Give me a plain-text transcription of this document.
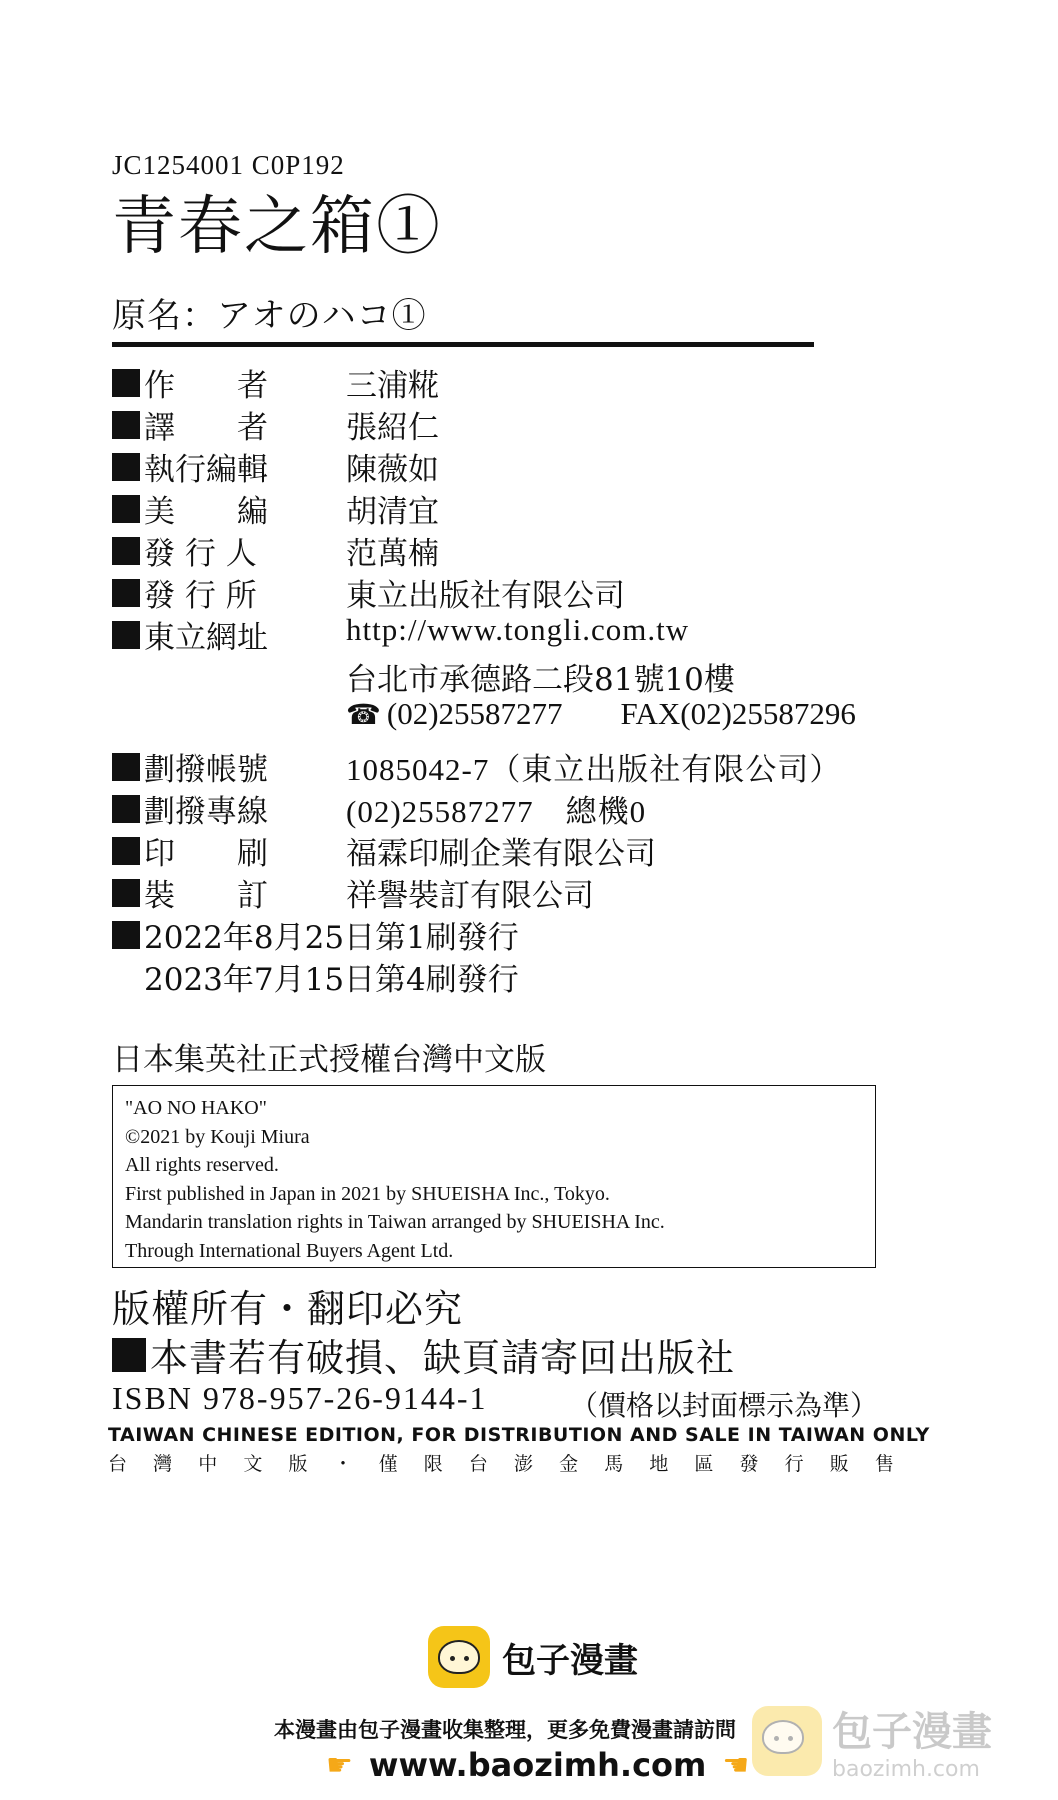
JC1254001 C0P192
青春之箱①
原名：アオのハコ①
作　　者	三浦糀
譯　　者	張紹仁
執行編輯	陳薇如
美　　編	胡清宜
發 行 人	范萬楠
發 行 所	東立出版社有限公司
東立網址	http://www.tongli.com.tw
台北市承德路二段81號10樓
☎ (02)25587277 FAX(02)25587296
劃撥帳號	1085042-7（東立出版社有限公司）
劃撥專線	(02)25587277　總機0
印　　刷	福霖印刷企業有限公司
裝　　訂	祥譽裝訂有限公司
2022年8月25日第1刷發行
2023年7月15日第4刷發行
日本集英社正式授權台灣中文版
"AO NO HAKO"
©2021 by Kouji Miura
All rights reserved.
First published in Japan in 2021 by SHUEISHA Inc., Tokyo.
Mandarin translation rights in Taiwan arranged by SHUEISHA Inc.
Through International Buyers Agent Ltd.
版權所有・翻印必究
本書若有破損、缺頁請寄回出版社
ISBN 978-957-26-9144-1	（價格以封面標示為準）
TAIWAN CHINESE EDITION, FOR DISTRIBUTION AND SALE IN TAIWAN ONLY
台 灣 中 文 版 ・ 僅 限 台 澎 金 馬 地 區 發 行 販 售
包子漫畫
本漫畫由包子漫畫收集整理，更多免費漫畫請訪問
☛ www.baozimh.com ☚
包子漫畫
baozimh.com
